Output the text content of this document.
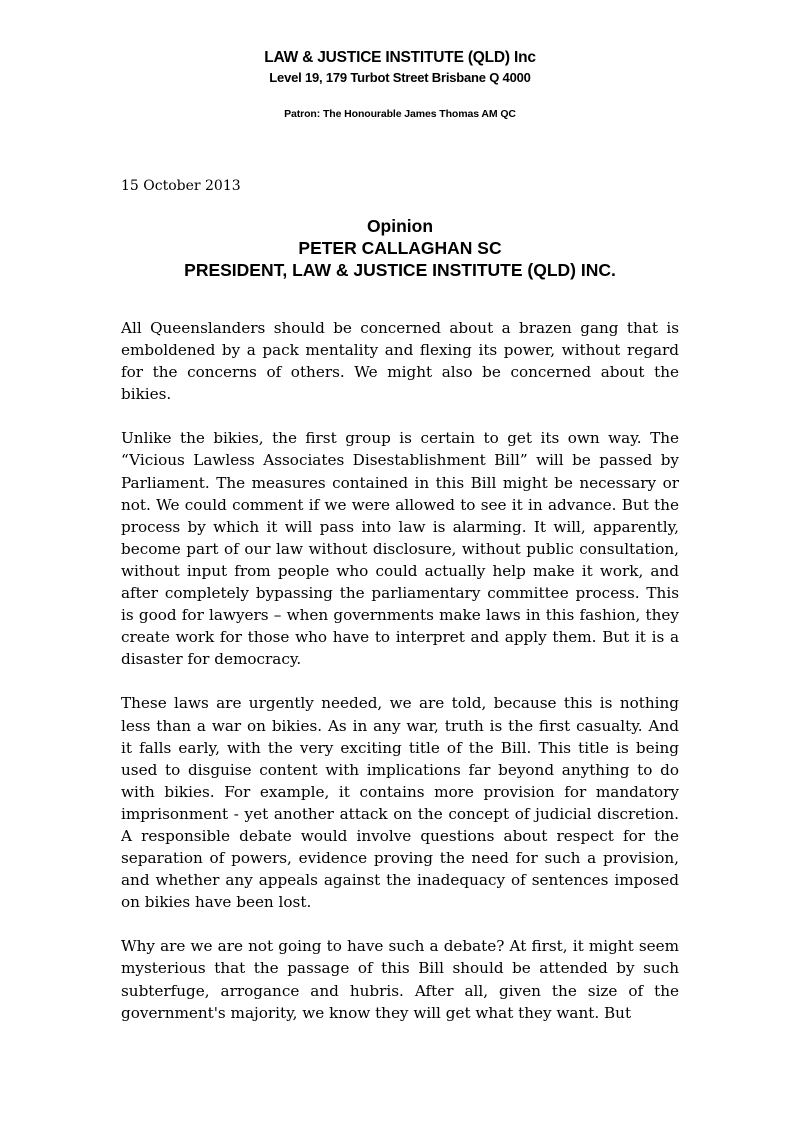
LAW & JUSTICE INSTITUTE (QLD) Inc
Level 19, 179 Turbot Street Brisbane Q 4000
Patron: The Honourable James Thomas AM QC
15 October 2013
Opinion
PETER CALLAGHAN SC
PRESIDENT, LAW & JUSTICE INSTITUTE (QLD) INC.

All Queenslanders should be concerned about a brazen gang that is emboldened by a pack mentality and flexing its power, without regard for the concerns of others. We might also be concerned about the bikies.

Unlike the bikies, the first group is certain to get its own way. The “Vicious Lawless Associates Disestablishment Bill” will be passed by Parliament. The measures contained in this Bill might be necessary or not. We could comment if we were allowed to see it in advance. But the process by which it will pass into law is alarming. It will, apparently, become part of our law without disclosure, without public consultation, without input from people who could actually help make it work, and after completely bypassing the parliamentary committee process. This is good for lawyers – when governments make laws in this fashion, they create work for those who have to interpret and apply them. But it is a disaster for democracy.

These laws are urgently needed, we are told, because this is nothing less than a war on bikies. As in any war, truth is the first casualty. And it falls early, with the very exciting title of the Bill. This title is being used to disguise content with implications far beyond anything to do with bikies. For example, it contains more provision for mandatory imprisonment - yet another attack on the concept of judicial discretion. A responsible debate would involve questions about respect for the separation of powers, evidence proving the need for such a provision, and whether any appeals against the inadequacy of sentences imposed on bikies have been lost.

Why are we are not going to have such a debate? At first, it might seem mysterious that the passage of this Bill should be attended by such subterfuge, arrogance and hubris. After all, given the size of the government's majority, we know they will get what they want. But
